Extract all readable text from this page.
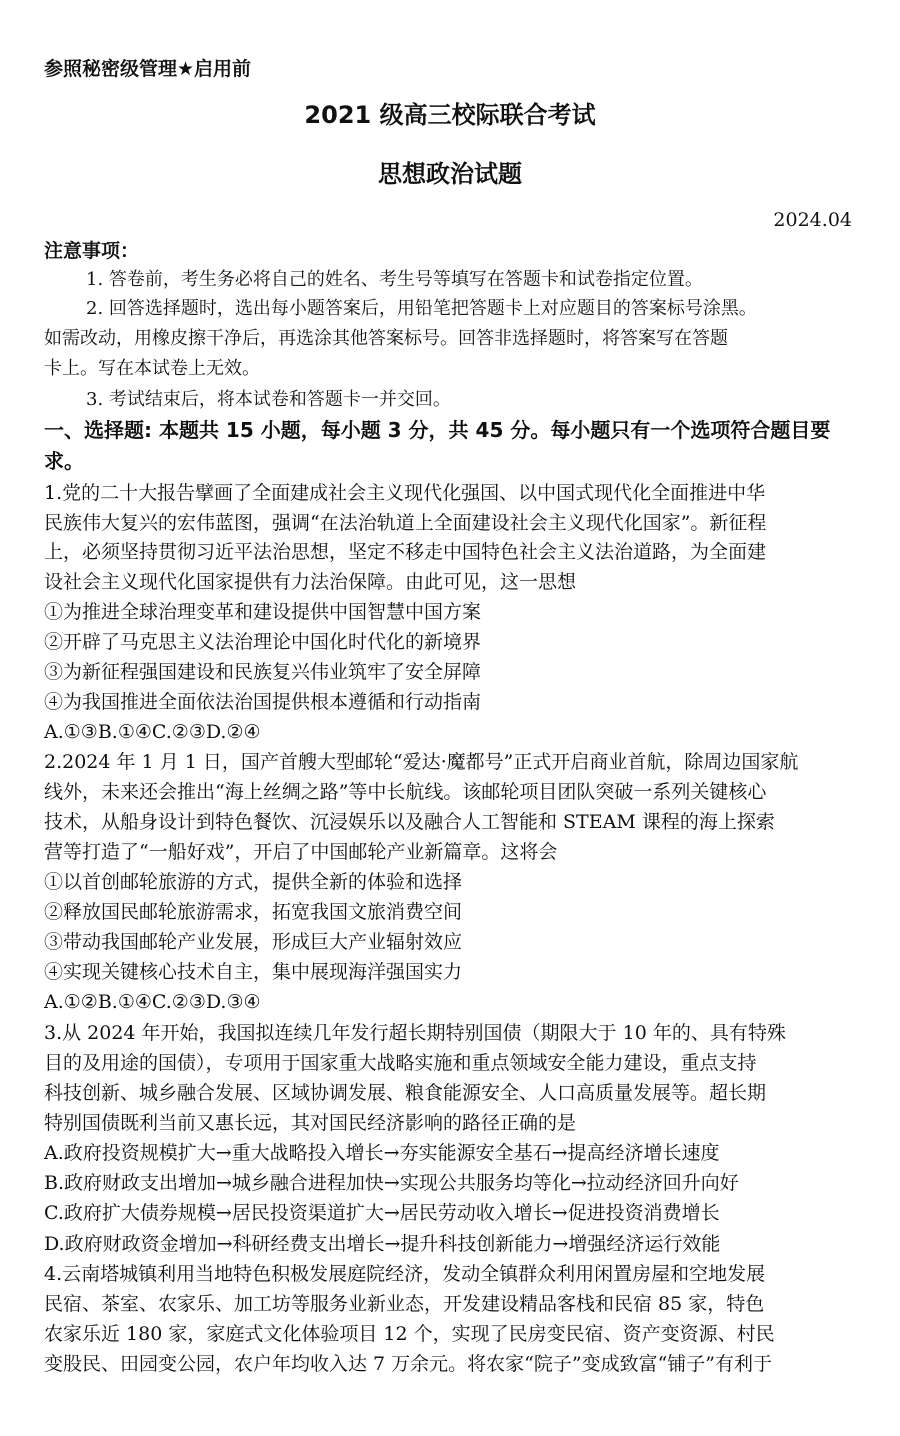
参照秘密级管理★启用前
2021 级高三校际联合考试
思想政治试题
2024.04
注意事项：
1. 答卷前，考生务必将自己的姓名、考生号等填写在答题卡和试卷指定位置。
2. 回答选择题时，选出每小题答案后，用铅笔把答题卡上对应题目的答案标号涂黑。
如需改动，用橡皮擦干净后，再选涂其他答案标号。回答非选择题时，将答案写在答题
卡上。写在本试卷上无效。
3. 考试结束后，将本试卷和答题卡一并交回。
一、选择题: 本题共 15 小题，每小题 3 分，共 45 分。每小题只有一个选项符合题目要
求。
1.党的二十大报告擘画了全面建成社会主义现代化强国、以中国式现代化全面推进中华
民族伟大复兴的宏伟蓝图，强调“在法治轨道上全面建设社会主义现代化国家”。新征程
上，必须坚持贯彻习近平法治思想，坚定不移走中国特色社会主义法治道路，为全面建
设社会主义现代化国家提供有力法治保障。由此可见，这一思想
①为推进全球治理变革和建设提供中国智慧中国方案
②开辟了马克思主义法治理论中国化时代化的新境界
③为新征程强国建设和民族复兴伟业筑牢了安全屏障
④为我国推进全面依法治国提供根本遵循和行动指南
A.①③B.①④C.②③D.②④
2.2024 年 1 月 1 日，国产首艘大型邮轮“爱达·魔都号”正式开启商业首航，除周边国家航
线外，未来还会推出“海上丝绸之路”等中长航线。该邮轮项目团队突破一系列关键核心
技术，从船身设计到特色餐饮、沉浸娱乐以及融合人工智能和 STEAM 课程的海上探索
营等打造了“一船好戏”，开启了中国邮轮产业新篇章。这将会
①以首创邮轮旅游的方式，提供全新的体验和选择
②释放国民邮轮旅游需求，拓宽我国文旅消费空间
③带动我国邮轮产业发展，形成巨大产业辐射效应
④实现关键核心技术自主，集中展现海洋强国实力
A.①②B.①④C.②③D.③④
3.从 2024 年开始，我国拟连续几年发行超长期特别国债（期限大于 10 年的、具有特殊
目的及用途的国债），专项用于国家重大战略实施和重点领域安全能力建设，重点支持
科技创新、城乡融合发展、区域协调发展、粮食能源安全、人口高质量发展等。超长期
特别国债既利当前又惠长远，其对国民经济影响的路径正确的是
A.政府投资规模扩大→重大战略投入增长→夯实能源安全基石→提高经济增长速度
B.政府财政支出增加→城乡融合进程加快→实现公共服务均等化→拉动经济回升向好
C.政府扩大债券规模→居民投资渠道扩大→居民劳动收入增长→促进投资消费增长
D.政府财政资金增加→科研经费支出增长→提升科技创新能力→增强经济运行效能
4.云南塔城镇利用当地特色积极发展庭院经济，发动全镇群众利用闲置房屋和空地发展
民宿、茶室、农家乐、加工坊等服务业新业态，开发建设精品客栈和民宿 85 家，特色
农家乐近 180 家，家庭式文化体验项目 12 个，实现了民房变民宿、资产变资源、村民
变股民、田园变公园，农户年均收入达 7 万余元。将农家“院子”变成致富“铺子”有利于
